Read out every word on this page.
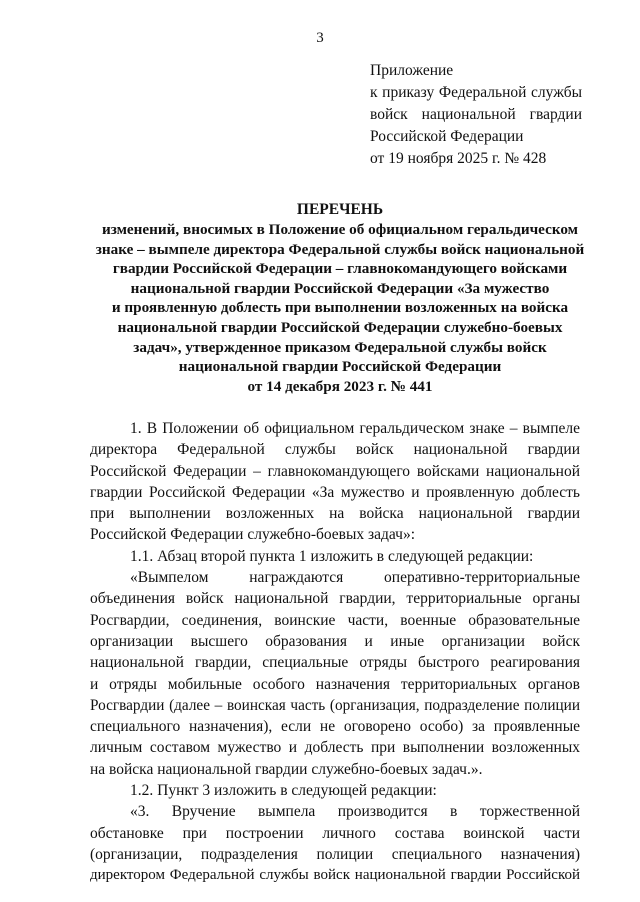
3
Приложение
к приказу Федеральной службы
войск национальной гвардии
Российской Федерации
от 19 ноября 2025 г. № 428
ПЕРЕЧЕНЬ
изменений, вносимых в Положение об официальном геральдическом
знаке – вымпеле директора Федеральной службы войск национальной
гвардии Российской Федерации – главнокомандующего войсками
национальной гвардии Российской Федерации «За мужество
и проявленную доблесть при выполнении возложенных на войска
национальной гвардии Российской Федерации служебно-боевых
задач», утвержденное приказом Федеральной службы войск
национальной гвардии Российской Федерации
от 14 декабря 2023 г. № 441
1. В Положении об официальном геральдическом знаке – вымпеле
директора Федеральной службы войск национальной гвардии
Российской Федерации – главнокомандующего войсками национальной
гвардии Российской Федерации «За мужество и проявленную доблесть
при выполнении возложенных на войска национальной гвардии
Российской Федерации служебно-боевых задач»:
1.1. Абзац второй пункта 1 изложить в следующей редакции:
«Вымпелом награждаются оперативно-территориальные
объединения войск национальной гвардии, территориальные органы
Росгвардии, соединения, воинские части, военные образовательные
организации высшего образования и иные организации войск
национальной гвардии, специальные отряды быстрого реагирования
и отряды мобильные особого назначения территориальных органов
Росгвардии (далее – воинская часть (организация, подразделение полиции
специального назначения), если не оговорено особо) за проявленные
личным составом мужество и доблесть при выполнении возложенных
на войска национальной гвардии служебно-боевых задач.».
1.2. Пункт 3 изложить в следующей редакции:
«3. Вручение вымпела производится в торжественной
обстановке при построении личного состава воинской части
(организации, подразделения полиции специального назначения)
директором Федеральной службы войск национальной гвардии Российской
